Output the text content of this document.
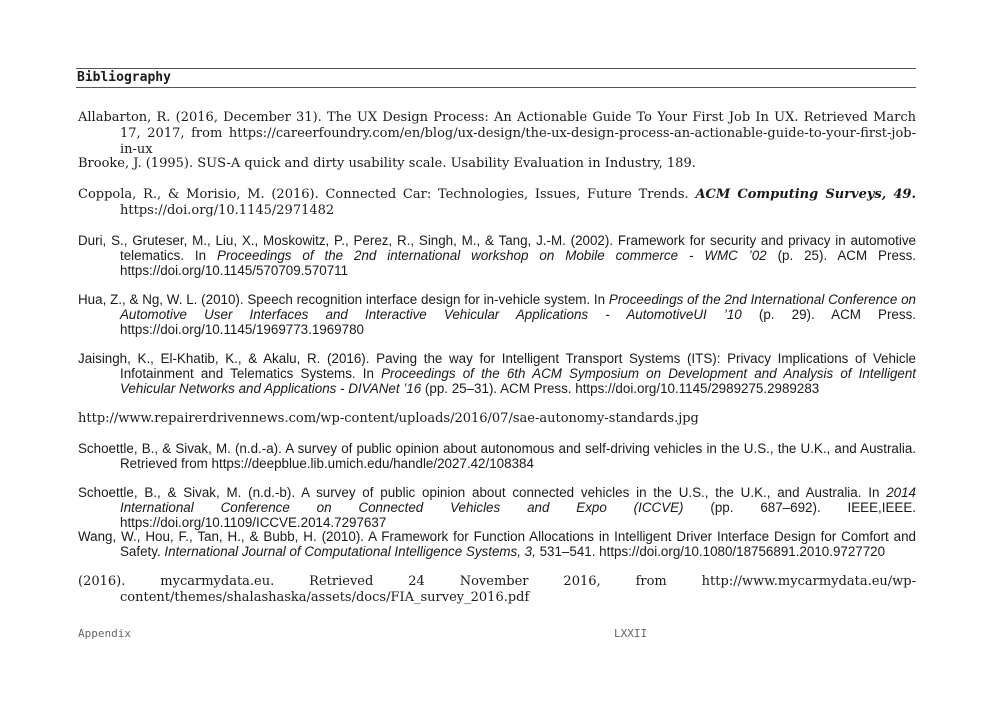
Bibliography

Allabarton, R. (2016, December 31). The UX Design Process: An Actionable Guide To Your First Job In UX. Retrieved March 17, 2017, from https://careerfoundry.com/en/blog/ux-design/the-ux-design-process-an-actionable-guide-to-your-first-job-in-ux

Brooke, J. (1995). SUS-A quick and dirty usability scale. Usability Evaluation in Industry, 189.

Coppola, R., & Morisio, M. (2016). Connected Car: Technologies, Issues, Future Trends. ACM Computing Surveys, 49. https://doi.org/10.1145/2971482

Duri, S., Gruteser, M., Liu, X., Moskowitz, P., Perez, R., Singh, M., & Tang, J.-M. (2002). Framework for security and privacy in automotive telematics. In Proceedings of the 2nd international workshop on Mobile commerce - WMC ’02 (p. 25). ACM Press. https://doi.org/10.1145/570709.570711

Hua, Z., & Ng, W. L. (2010). Speech recognition interface design for in-vehicle system. In Proceedings of the 2nd International Conference on Automotive User Interfaces and Interactive Vehicular Applications - AutomotiveUI ’10 (p. 29). ACM Press. https://doi.org/10.1145/1969773.1969780

Jaisingh, K., El-Khatib, K., & Akalu, R. (2016). Paving the way for Intelligent Transport Systems (ITS): Privacy Implications of Vehicle Infotainment and Telematics Systems. In Proceedings of the 6th ACM Symposium on Development and Analysis of Intelligent Vehicular Networks and Applications - DIVANet ’16 (pp. 25–31). ACM Press. https://doi.org/10.1145/2989275.2989283

http://www.repairerdrivennews.com/wp-content/uploads/2016/07/sae-autonomy-standards.jpg

Schoettle, B., & Sivak, M. (n.d.-a). A survey of public opinion about autonomous and self-driving vehicles in the U.S., the U.K., and Australia. Retrieved from https://deepblue.lib.umich.edu/handle/2027.42/108384

Schoettle, B., & Sivak, M. (n.d.-b). A survey of public opinion about connected vehicles in the U.S., the U.K., and Australia. In 2014 International Conference on Connected Vehicles and Expo (ICCVE) (pp. 687–692). IEEE,IEEE. https://doi.org/10.1109/ICCVE.2014.7297637

Wang, W., Hou, F., Tan, H., & Bubb, H. (2010). A Framework for Function Allocations in Intelligent Driver Interface Design for Comfort and Safety. International Journal of Computational Intelligence Systems, 3, 531–541. https://doi.org/10.1080/18756891.2010.9727720

(2016). mycarmydata.eu. Retrieved 24 November 2016, from http://www.mycarmydata.eu/wp-content/themes/shalashaska/assets/docs/FIA_survey_2016.pdf

Appendix	LXXII
